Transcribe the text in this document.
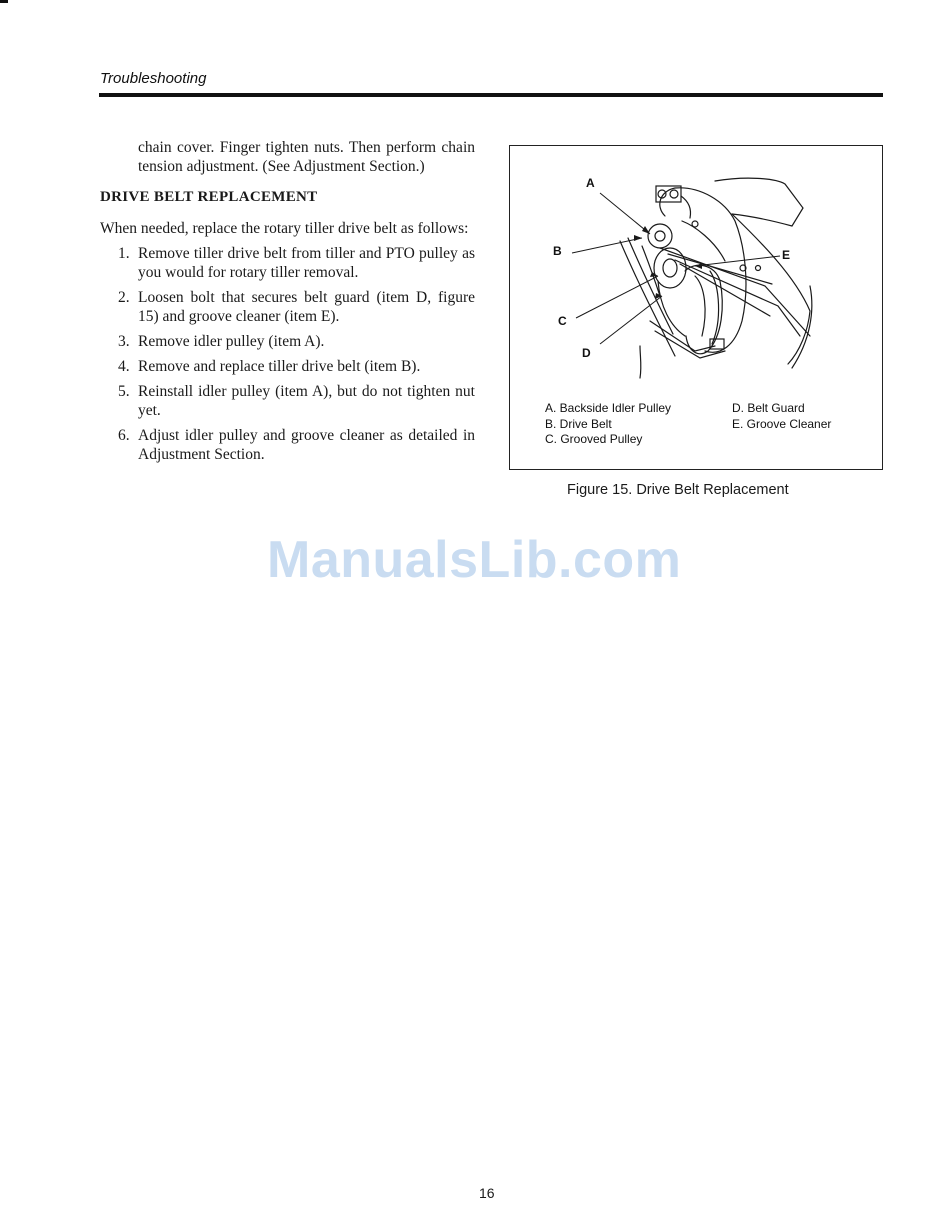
Troubleshooting

chain cover. Finger tighten nuts. Then perform chain tension adjustment. (See Adjustment Section.)

DRIVE BELT REPLACEMENT

When needed, replace the rotary tiller drive belt as follows:

1. Remove tiller drive belt from tiller and PTO pulley as you would for rotary tiller removal.
2. Loosen bolt that secures belt guard (item D, figure 15) and groove cleaner (item E).
3. Remove idler pulley (item A).
4. Remove and replace tiller drive belt (item B).
5. Reinstall idler pulley (item A), but do not tighten nut yet.
6. Adjust idler pulley and groove cleaner as detailed in Adjustment Section.
A
B
C
D
E
A. Backside Idler Pulley
B. Drive Belt
C. Grooved Pulley
D. Belt Guard
E. Groove Cleaner
Figure 15. Drive Belt Replacement
ManualsLib.com
16
